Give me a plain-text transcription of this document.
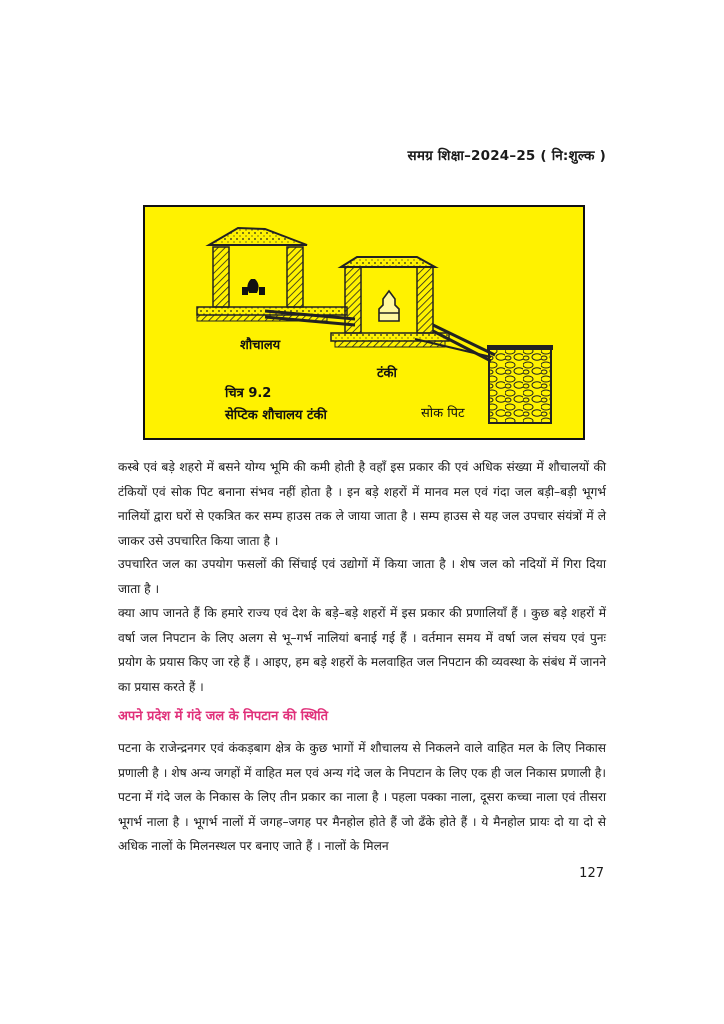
समग्र शिक्षा–2024–25 ( नि:शुल्क )
शौचालय
टंकी
सोक पिट
चित्र 9.2
सेप्टिक शौचालय टंकी

कस्बे एवं बड़े शहरो में बसने योग्य भूमि की कमी होती है वहाँ इस प्रकार की एवं अधिक संख्या में शौचालयों की टंकियों एवं सोक पिट बनाना संभव नहीं होता है । इन बड़े शहरों में मानव मल एवं गंदा जल बड़ी–बड़ी भूगर्भ नालियों द्वारा घरों से एकत्रित कर सम्प हाउस तक ले जाया जाता है । सम्प हाउस से यह जल उपचार संयंत्रों में ले जाकर उसे उपचारित किया जाता है ।

उपचारित जल का उपयोग फसलों की सिंचाई एवं उद्योगों में किया जाता है । शेष जल को नदियों में गिरा दिया जाता है ।

क्या आप जानते हैं कि हमारे राज्य एवं देश के बड़े–बड़े शहरों में इस प्रकार की प्रणालियाँ हैं । कुछ बड़े शहरों में वर्षा जल निपटान के लिए अलग से भू–गर्भ नालियां बनाई गई हैं । वर्तमान समय में वर्षा जल संचय एवं पुनः प्रयोग के प्रयास किए जा रहे हैं । आइए, हम बड़े शहरों के मलवाहित जल निपटान की व्यवस्था के संबंध में जानने का प्रयास करते हैं ।

अपने प्रदेश में गंदे जल के निपटान की स्थिति

पटना के राजेन्द्रनगर एवं कंकड़बाग क्षेत्र के कुछ भागों में शौचालय से निकलने वाले वाहित मल के लिए निकास प्रणाली है । शेष अन्य जगहों में वाहित मल एवं अन्य गंदे जल के निपटान के लिए एक ही जल निकास प्रणाली है। पटना में गंदे जल के निकास के लिए तीन प्रकार का नाला है । पहला पक्का नाला, दूसरा कच्चा नाला एवं तीसरा भूगर्भ नाला है । भूगर्भ नालों में जगह–जगह पर मैनहोल होते हैं जो ढँके होते हैं । ये मैनहोल प्रायः दो या दो से अधिक नालों के मिलनस्थल पर बनाए जाते हैं । नालों के मिलन

127
